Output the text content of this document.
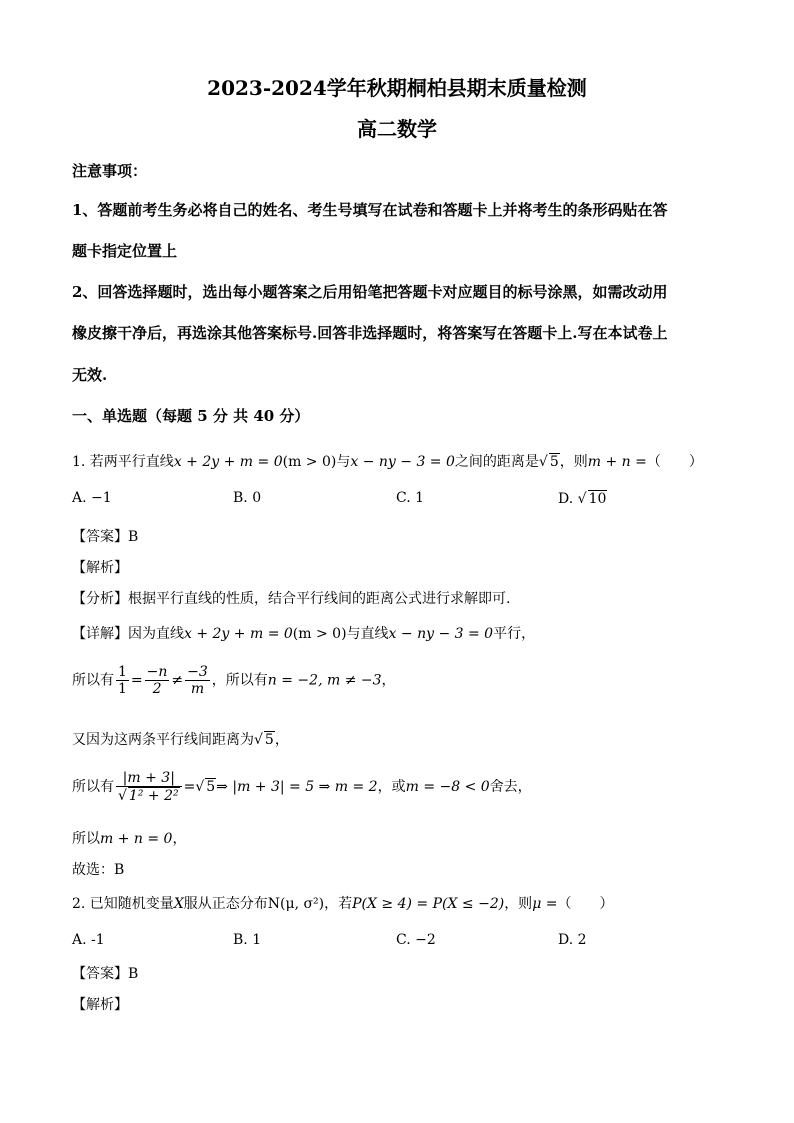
2023-2024学年秋期桐柏县期末质量检测
高二数学
注意事项：
1、答题前考生务必将自己的姓名、考生号填写在试卷和答题卡上并将考生的条形码贴在答
题卡指定位置上
2、回答选择题时，选出每小题答案之后用铅笔把答题卡对应题目的标号涂黑，如需改动用
橡皮擦干净后，再选涂其他答案标号.回答非选择题时，将答案写在答题卡上.写在本试卷上
无效.
一、单选题（每题 5 分 共 40 分）
1. 若两平行直线x + 2y + m = 0(m > 0)与x − ny − 3 = 0之间的距离是√ 5，则m + n =（　　）
A. −1	B. 0	C. 1	D. √ 10
【答案】B
【解析】
【分析】根据平行直线的性质，结合平行线间的距离公式进行求解即可.
【详解】因为直线x + 2y + m = 0(m > 0)与直线x − ny − 3 = 0平行，
所以有 $\frac{1}{1} = \frac{-n}{2} \ne \frac{-3}{m}$ ，所以有n = −2, m ≠ −3，
又因为这两条平行线间距离为√ 5，
所以有 $\frac{|m + 3|}{\text{√ 1² + 2²}}$ =√ 5⇒ |m + 3| = 5 ⇒ m = 2，或m = −8 < 0舍去，
所以m + n = 0，
故选：B
2. 已知随机变量X服从正态分布N(μ, σ²)，若P(X ≥ 4) = P(X ≤ −2)，则μ =（　　）
A. -1	B. 1	C. −2	D. 2
【答案】B
【解析】
